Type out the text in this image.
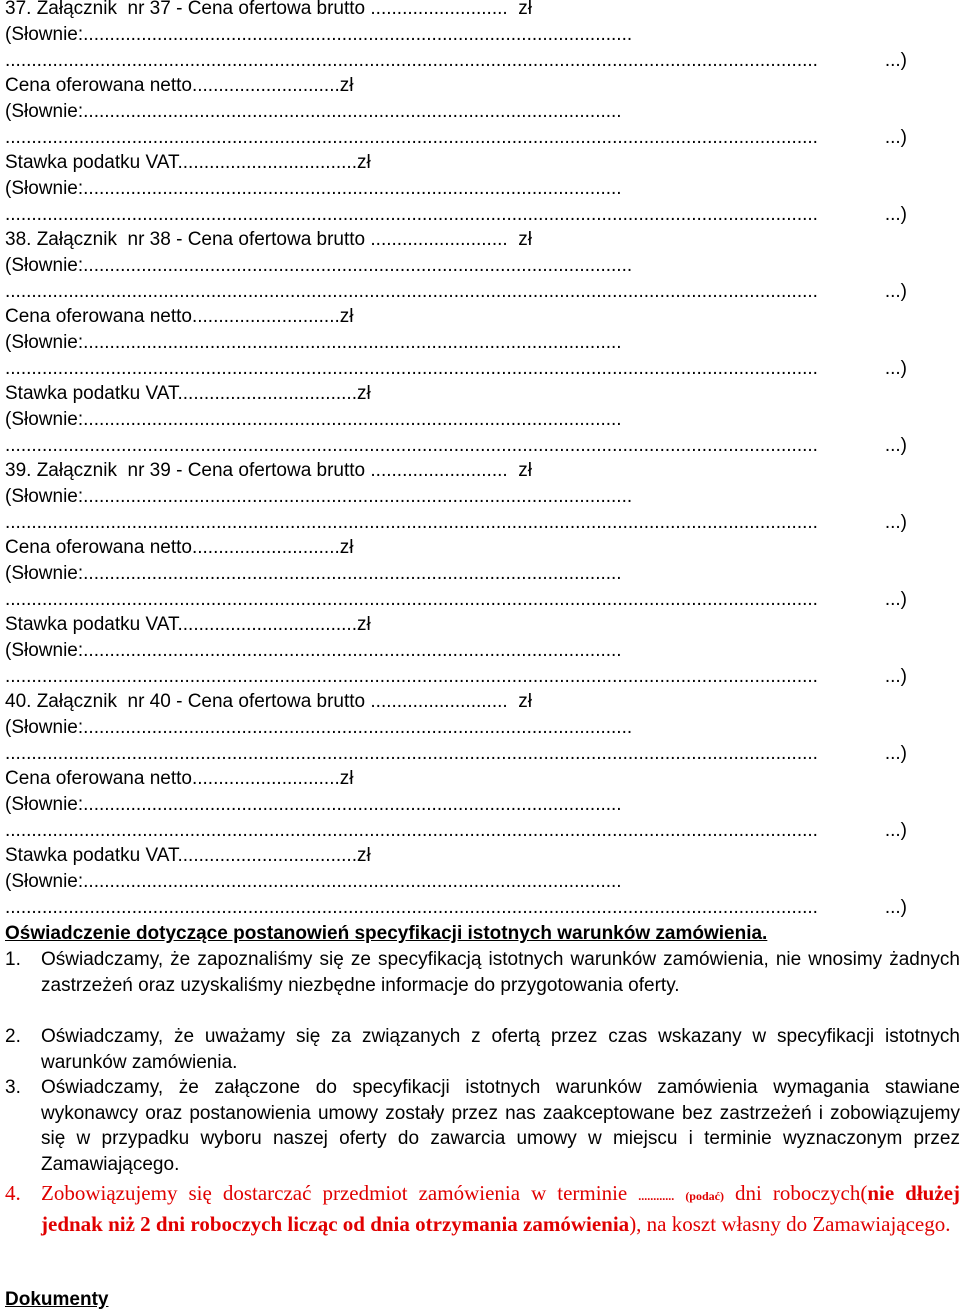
37. Załącznik  nr 37 - Cena ofertowa brutto ..........................  zł
(Słownie:........................................................................................................
..........................................................................................................................................................	...)
Cena oferowana netto............................zł
(Słownie:......................................................................................................
..........................................................................................................................................................	...)
Stawka podatku VAT..................................zł
(Słownie:......................................................................................................
..........................................................................................................................................................	...)
38. Załącznik  nr 38 - Cena ofertowa brutto ..........................  zł
(Słownie:........................................................................................................
..........................................................................................................................................................	...)
Cena oferowana netto............................zł
(Słownie:......................................................................................................
..........................................................................................................................................................	...)
Stawka podatku VAT..................................zł
(Słownie:......................................................................................................
..........................................................................................................................................................	...)
39. Załącznik  nr 39 - Cena ofertowa brutto ..........................  zł
(Słownie:........................................................................................................
..........................................................................................................................................................	...)
Cena oferowana netto............................zł
(Słownie:......................................................................................................
..........................................................................................................................................................	...)
Stawka podatku VAT..................................zł
(Słownie:......................................................................................................
..........................................................................................................................................................	...)
40. Załącznik  nr 40 - Cena ofertowa brutto ..........................  zł
(Słownie:........................................................................................................
..........................................................................................................................................................	...)
Cena oferowana netto............................zł
(Słownie:......................................................................................................
..........................................................................................................................................................	...)
Stawka podatku VAT..................................zł
(Słownie:......................................................................................................
..........................................................................................................................................................	...)
Oświadczenie dotyczące postanowień specyfikacji istotnych warunków zamówienia.
1. Oświadczamy, że zapoznaliśmy się ze specyfikacją istotnych warunków zamówienia, nie wnosimy żadnych zastrzeżeń oraz uzyskaliśmy niezbędne informacje do przygotowania oferty.
2. Oświadczamy, że uważamy się za związanych z ofertą przez czas wskazany w specyfikacji istotnych warunków zamówienia.
3. Oświadczamy, że załączone do specyfikacji istotnych warunków zamówienia wymagania stawiane wykonawcy oraz postanowienia umowy zostały przez nas zaakceptowane bez zastrzeżeń i zobowiązujemy się w przypadku wyboru naszej oferty do zawarcia umowy w miejscu i terminie wyznaczonym przez Zamawiającego.
4. Zobowiązujemy się dostarczać przedmiot zamówienia w terminie ............ (podać) dni roboczych(nie dłużej jednak niż 2 dni roboczych licząc od dnia otrzymania zamówienia), na koszt własny do Zamawiającego.
Dokumenty
